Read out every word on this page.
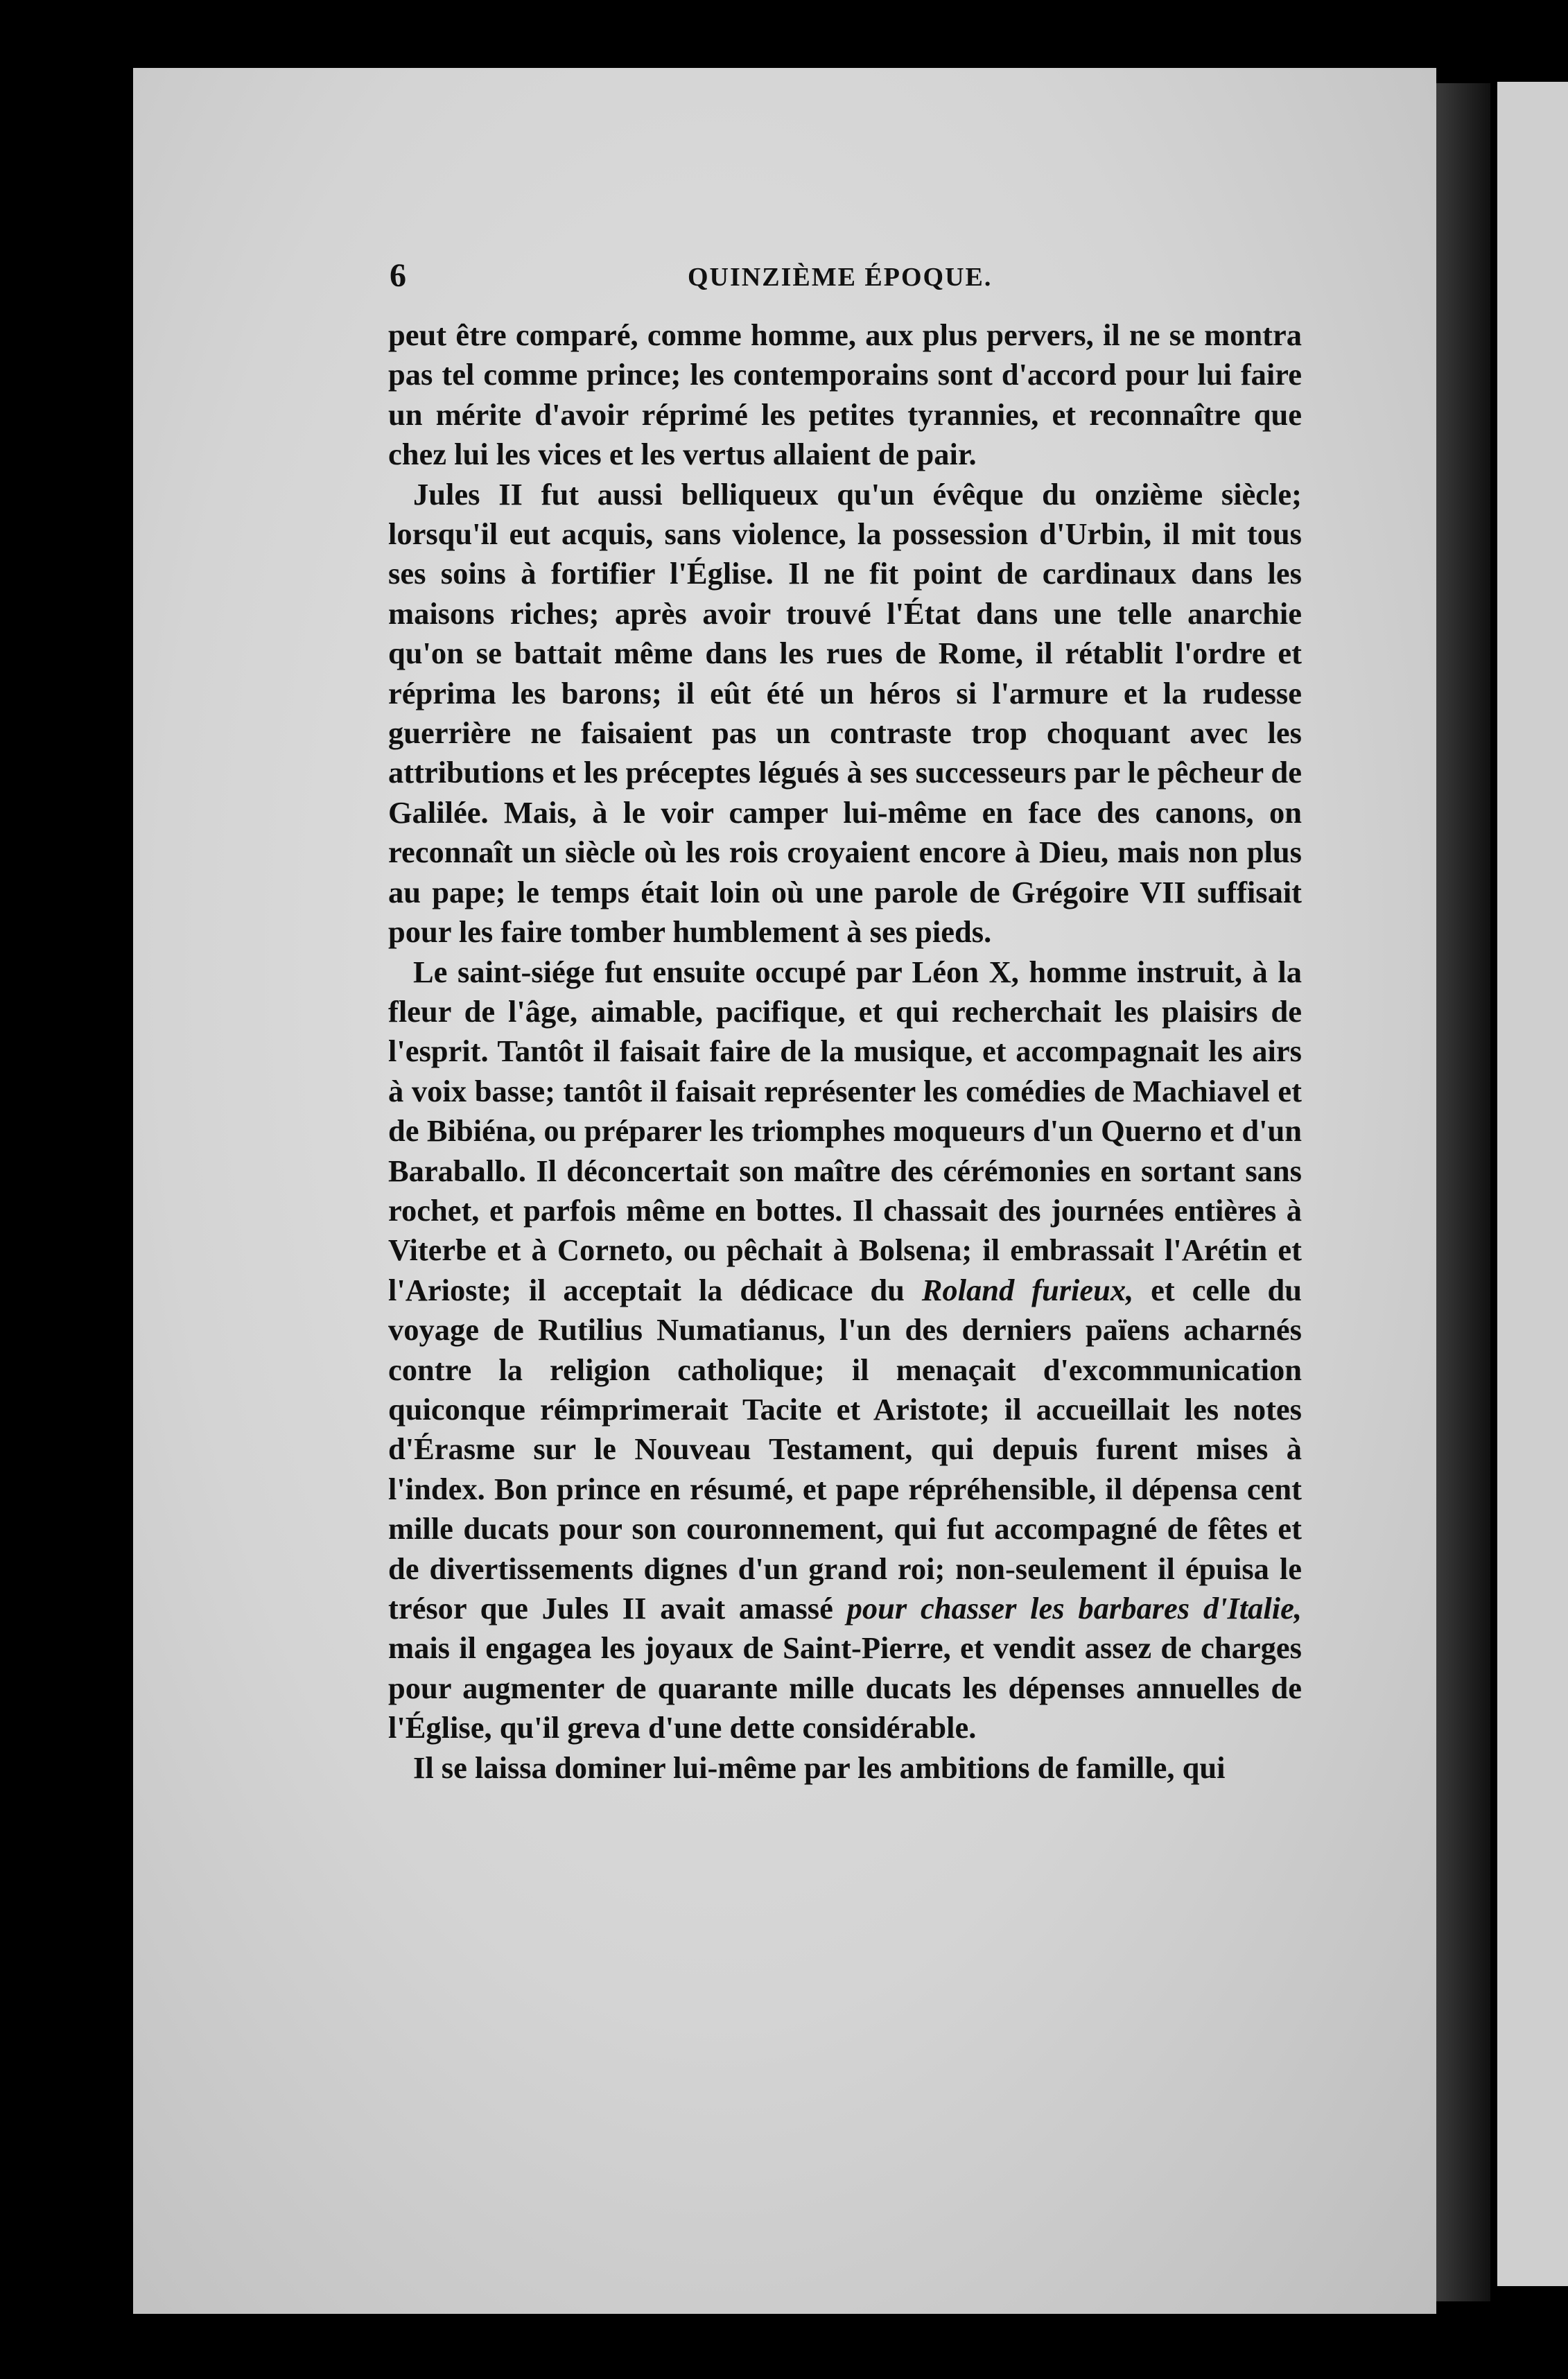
6	QUINZIÈME ÉPOQUE.

peut être comparé, comme homme, aux plus pervers, il ne se montra pas tel comme prince; les contemporains sont d'accord pour lui faire un mérite d'avoir réprimé les petites tyrannies, et reconnaître que chez lui les vices et les vertus allaient de pair.

Jules II fut aussi belliqueux qu'un évêque du onzième siècle; lorsqu'il eut acquis, sans violence, la possession d'Urbin, il mit tous ses soins à fortifier l'Église. Il ne fit point de cardinaux dans les maisons riches; après avoir trouvé l'État dans une telle anarchie qu'on se battait même dans les rues de Rome, il rétablit l'ordre et réprima les barons; il eût été un héros si l'armure et la rudesse guerrière ne faisaient pas un contraste trop choquant avec les attributions et les préceptes légués à ses successeurs par le pêcheur de Galilée. Mais, à le voir camper lui-même en face des canons, on reconnaît un siècle où les rois croyaient encore à Dieu, mais non plus au pape; le temps était loin où une parole de Grégoire VII suffisait pour les faire tomber humblement à ses pieds.

Le saint-siége fut ensuite occupé par Léon X, homme instruit, à la fleur de l'âge, aimable, pacifique, et qui recherchait les plaisirs de l'esprit. Tantôt il faisait faire de la musique, et accompagnait les airs à voix basse; tantôt il faisait représenter les comédies de Machiavel et de Bibiéna, ou préparer les triomphes moqueurs d'un Querno et d'un Baraballo. Il déconcertait son maître des cérémonies en sortant sans rochet, et parfois même en bottes. Il chassait des journées entières à Viterbe et à Corneto, ou pêchait à Bolsena; il embrassait l'Arétin et l'Arioste; il acceptait la dédicace du Roland furieux, et celle du voyage de Rutilius Numatianus, l'un des derniers païens acharnés contre la religion catholique; il menaçait d'excommunication quiconque réimprimerait Tacite et Aristote; il accueillait les notes d'Érasme sur le Nouveau Testament, qui depuis furent mises à l'index. Bon prince en résumé, et pape répréhensible, il dépensa cent mille ducats pour son couronnement, qui fut accompagné de fêtes et de divertissements dignes d'un grand roi; non-seulement il épuisa le trésor que Jules II avait amassé pour chasser les barbares d'Italie, mais il engagea les joyaux de Saint-Pierre, et vendit assez de charges pour augmenter de quarante mille ducats les dépenses annuelles de l'Église, qu'il greva d'une dette considérable.

Il se laissa dominer lui-même par les ambitions de famille, qui
